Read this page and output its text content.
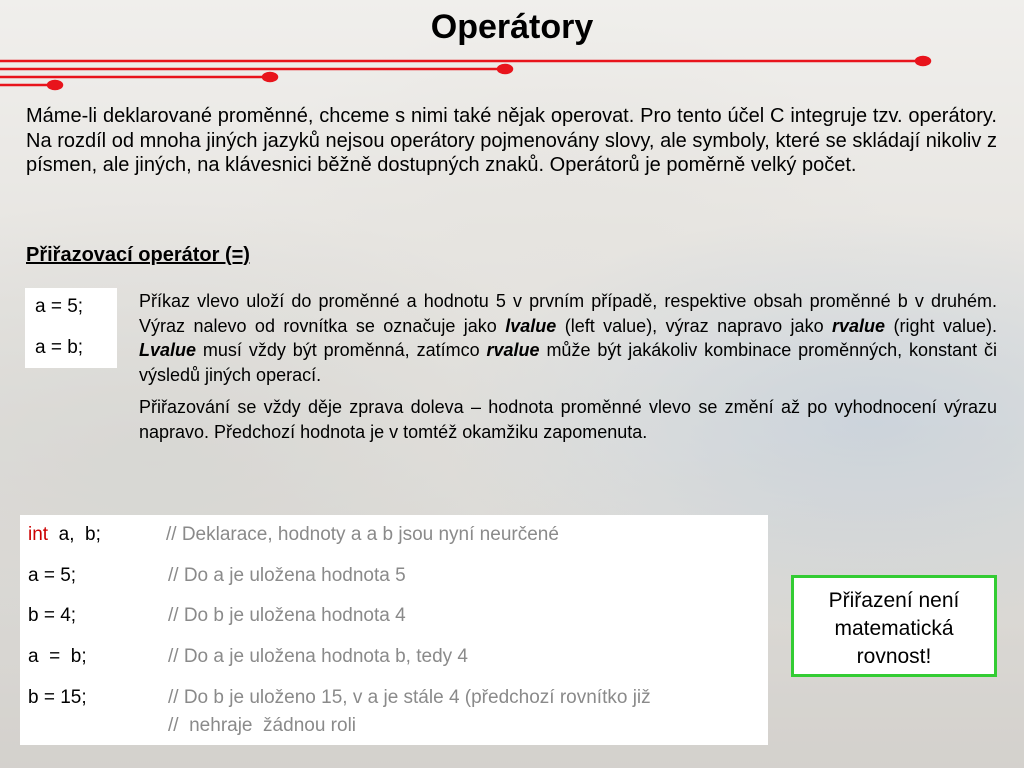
Operátory
Máme-li deklarované proměnné, chceme s nimi také nějak operovat. Pro tento účel C integruje tzv. operátory. Na rozdíl od mnoha jiných jazyků nejsou operátory pojmenovány slovy, ale symboly, které se skládají nikoliv z písmen, ale jiných, na klávesnici běžně dostupných znaků. Operátorů je poměrně velký počet.
Přiřazovací operátor (=)
a = 5;
a = b;

Příkaz vlevo uloží do proměnné a hodnotu 5 v prvním případě, respektive obsah proměnné b v druhém. Výraz nalevo od rovnítka se označuje jako lvalue (left value), výraz napravo jako rvalue (right value). Lvalue musí vždy být proměnná, zatímco rvalue může být jakákoliv kombinace proměnných, konstant či výsledů jiných operací.

Přiřazování se vždy děje zprava doleva – hodnota proměnné vlevo se změní až po vyhodnocení výrazu napravo. Předchozí hodnota je v tomtéž okamžiku zapomenuta.

int  a,  b;	// Deklarace, hodnoty a a b jsou nyní neurčené
a = 5;	// Do a je uložena hodnota 5
b = 4;	// Do b je uložena hodnota 4
a  =  b;	// Do a je uložena hodnota b, tedy 4
b = 15;	// Do b je uloženo 15, v a je stále 4 (předchozí rovnítko již
//  nehraje  žádnou roli
Přiřazení není
matematická
rovnost!
